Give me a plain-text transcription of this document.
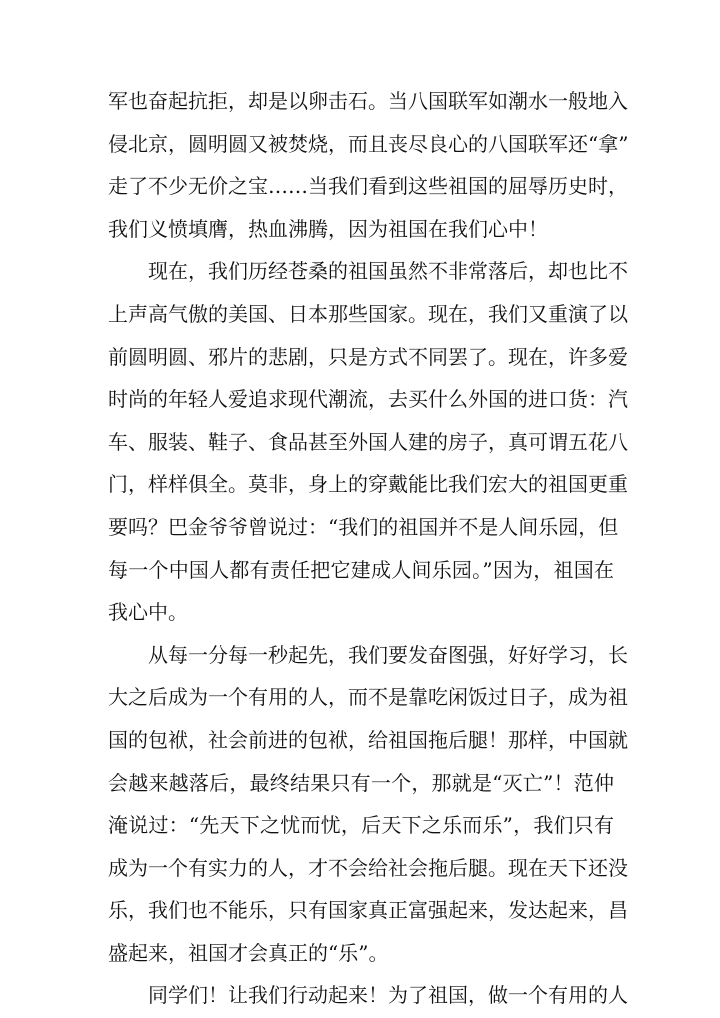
军也奋起抗拒，却是以卵击石。当八国联军如潮水一般地入
侵北京，圆明圆又被焚烧，而且丧尽良心的八国联军还“拿”
走了不少无价之宝……当我们看到这些祖国的屈辱历史时，
我们义愤填膺，热血沸腾，因为祖国在我们心中！
现在，我们历经苍桑的祖国虽然不非常落后，却也比不
上声高气傲的美国、日本那些国家。现在，我们又重演了以
前圆明圆、邪片的悲剧，只是方式不同罢了。现在，许多爱
时尚的年轻人爱追求现代潮流，去买什么外国的进口货：汽
车、服装、鞋子、食品甚至外国人建的房子，真可谓五花八
门，样样俱全。莫非，身上的穿戴能比我们宏大的祖国更重
要吗？巴金爷爷曾说过：“我们的祖国并不是人间乐园，但
每一个中国人都有责任把它建成人间乐园。”因为，祖国在
我心中。
从每一分每一秒起先，我们要发奋图强，好好学习，长
大之后成为一个有用的人，而不是靠吃闲饭过日子，成为祖
国的包袱，社会前进的包袱，给祖国拖后腿！那样，中国就
会越来越落后，最终结果只有一个，那就是“灭亡”！范仲
淹说过：“先天下之忧而忧，后天下之乐而乐”，我们只有
成为一个有实力的人，才不会给社会拖后腿。现在天下还没
乐，我们也不能乐，只有国家真正富强起来，发达起来，昌
盛起来，祖国才会真正的“乐”。
同学们！让我们行动起来！为了祖国，做一个有用的人
